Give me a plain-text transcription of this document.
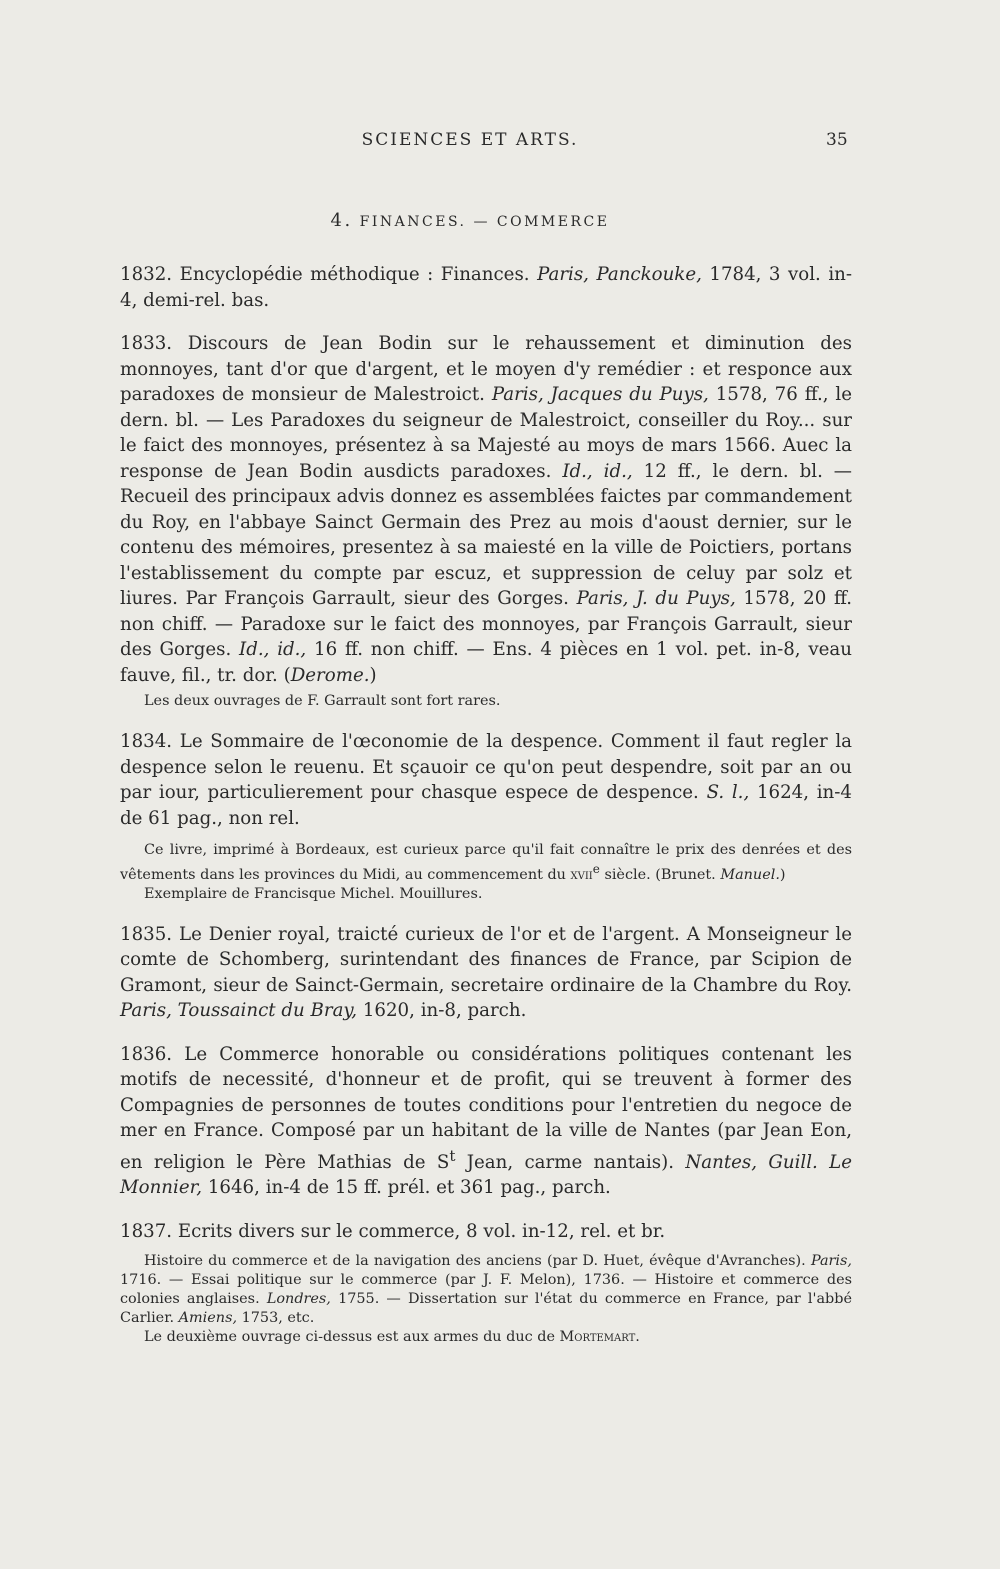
SCIENCES ET ARTS.	35
4. FINANCES. — COMMERCE

1832. Encyclopédie méthodique : Finances. Paris, Panckouke, 1784, 3 vol. in-4, demi-rel. bas.

1833. Discours de Jean Bodin sur le rehaussement et diminution des monnoyes, tant d'or que d'argent, et le moyen d'y remédier : et responce aux paradoxes de monsieur de Malestroict. Paris, Jacques du Puys, 1578, 76 ff., le dern. bl. — Les Paradoxes du seigneur de Malestroict, conseiller du Roy... sur le faict des monnoyes, présentez à sa Majesté au moys de mars 1566. Auec la response de Jean Bodin ausdicts paradoxes. Id., id., 12 ff., le dern. bl. — Recueil des principaux advis donnez es assemblées faictes par commandement du Roy, en l'abbaye Sainct Germain des Prez au mois d'aoust dernier, sur le contenu des mémoires, presentez à sa maiesté en la ville de Poictiers, portans l'establissement du compte par escuz, et suppression de celuy par solz et liures. Par François Garrault, sieur des Gorges. Paris, J. du Puys, 1578, 20 ff. non chiff. — Paradoxe sur le faict des monnoyes, par François Garrault, sieur des Gorges. Id., id., 16 ff. non chiff. — Ens. 4 pièces en 1 vol. pet. in-8, veau fauve, fil., tr. dor. (Derome.)

Les deux ouvrages de F. Garrault sont fort rares.

1834. Le Sommaire de l'œconomie de la despence. Comment il faut regler la despence selon le reuenu. Et sçauoir ce qu'on peut despendre, soit par an ou par iour, particulierement pour chasque espece de despence. S. l., 1624, in-4 de 61 pag., non rel.

Ce livre, imprimé à Bordeaux, est curieux parce qu'il fait connaître le prix des denrées et des vêtements dans les provinces du Midi, au commencement du xvii$^e$ siècle. (Brunet. Manuel.)

Exemplaire de Francisque Michel. Mouillures.

1835. Le Denier royal, traicté curieux de l'or et de l'argent. A Monseigneur le comte de Schomberg, surintendant des finances de France, par Scipion de Gramont, sieur de Sainct-Germain, secretaire ordinaire de la Chambre du Roy. Paris, Toussainct du Bray, 1620, in-8, parch.

1836. Le Commerce honorable ou considérations politiques contenant les motifs de necessité, d'honneur et de profit, qui se treuvent à former des Compagnies de personnes de toutes conditions pour l'entretien du negoce de mer en France. Composé par un habitant de la ville de Nantes (par Jean Eon, en religion le Père Mathias de $S^t$ Jean, carme nantais). Nantes, Guill. Le Monnier, 1646, in-4 de 15 ff. prél. et 361 pag., parch.

1837. Ecrits divers sur le commerce, 8 vol. in-12, rel. et br.

Histoire du commerce et de la navigation des anciens (par D. Huet, évêque d'Avranches). Paris, 1716. — Essai politique sur le commerce (par J. F. Melon), 1736. — Histoire et commerce des colonies anglaises. Londres, 1755. — Dissertation sur l'état du commerce en France, par l'abbé Carlier. Amiens, 1753, etc.

Le deuxième ouvrage ci-dessus est aux armes du duc de Mortemart.
